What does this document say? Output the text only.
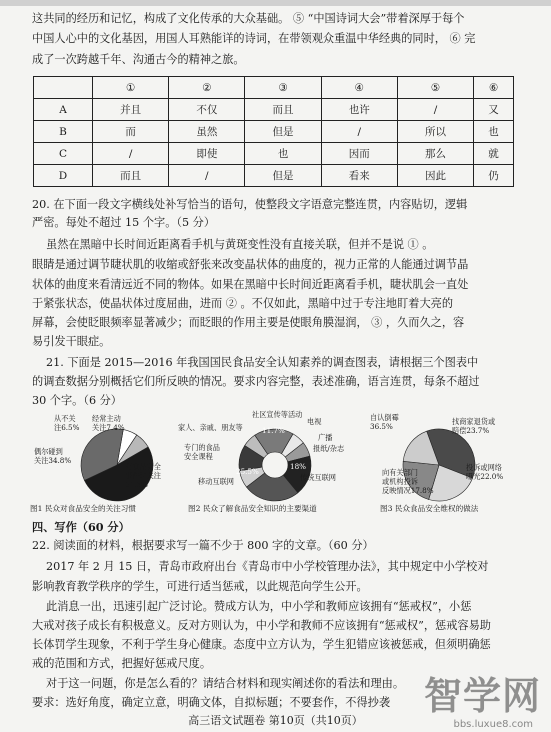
这共同的经历和记忆，构成了文化传承的大众基础。 ⑤ “中国诗词大会”带着深厚于每个
中国人心中的文化基因，用国人耳熟能详的诗词，在带领观众重温中华经典的同时， ⑥ 完
成了一次跨越千年、沟通古今的精神之旅。
	①	②	③	④	⑤	⑥
A	并且	不仅	而且	也许	/	又
B	而	虽然	但是	/	所以	也
C	/	即使	也	因而	那么	就
D	而且	/	但是	看来	因此	仍
20. 在下面一段文字横线处补写恰当的语句，使整段文字语意完整连贯，内容贴切，逻辑
严密。每处不超过 15 个字。（5 分）
虽然在黑暗中长时间近距离看手机与黄斑变性没有直接关联，但并不是说 ① 。
眼睛是通过调节睫状肌的收缩或舒张来改变晶状体的曲度的，视力正常的人能通过调节晶
状体的曲度来看清远近不同的物体。如果在黑暗中长时间近距离看手机，睫状肌会一直处
于紧张状态，使晶状体过度屈曲，进而 ② 。不仅如此，黑暗中过于专注地盯着大亮的
屏幕，会使眨眼频率显著减少；而眨眼的作用主要是使眼角膜湿润， ③ ，久而久之，容
易引发干眼症。
21. 下面是 2015—2016 年我国国民食品安全认知素养的调查图表，请根据三个图表中
的调查数据分别概括它们所反映的情况。要求内容完整，表述准确，语言连贯，每条不超过
30 个字。（6 分）
从不关
注6.5%
经常主动
关注7.4%
有食品安全
事件时关注
51.3%
偶尔碰到
关注34.8%
图1 民众对食品安全的关注习惯
社区宣传等活动
家人、亲戚、朋友等
电视
广播
报纸/杂志
专门的食品
安全课程
传统互联网
移动互联网
11.7%
18%
25.5%
图2 民众了解食品安全知识的主要渠道
自认倒霉
36.5%
找商家退货或
赔偿23.7%
投诉或网络
曝光22.0%
向有关部门
或机构投诉
反映情况17.8%
图3 民众食品安全维权的做法
四、写作（60 分）
22. 阅读面的材料，根据要求写一篇不少于 800 字的文章。（60 分）
2017 年 2 月 15 日，青岛市政府出台《青岛市中小学校管理办法》，其中规定中小学校对
影响教育教学秩序的学生，可进行适当惩戒，以此规范向学生公开。
此消息一出，迅速引起广泛讨论。赞成方认为，中小学和教师应该拥有“惩戒权”，小惩
大戒对孩子成长有积极意义。反对方则认为，中小学和教师不应该拥有“惩戒权”，惩戒容易助
长体罚学生现象，不利于学生身心健康。态度中立方认为，学生犯错应该被惩戒，但须明确惩
戒的范围和方式，把握好惩戒尺度。
对于这一问题，你是怎么看的？请结合材料和现实阐述你的看法和理由。
要求：选好角度，确定立意，明确文体，自拟标题；不要套作，不得抄袭
高三语文试题卷 第10页（共10页）
智学网
bbs.luxue8.com
